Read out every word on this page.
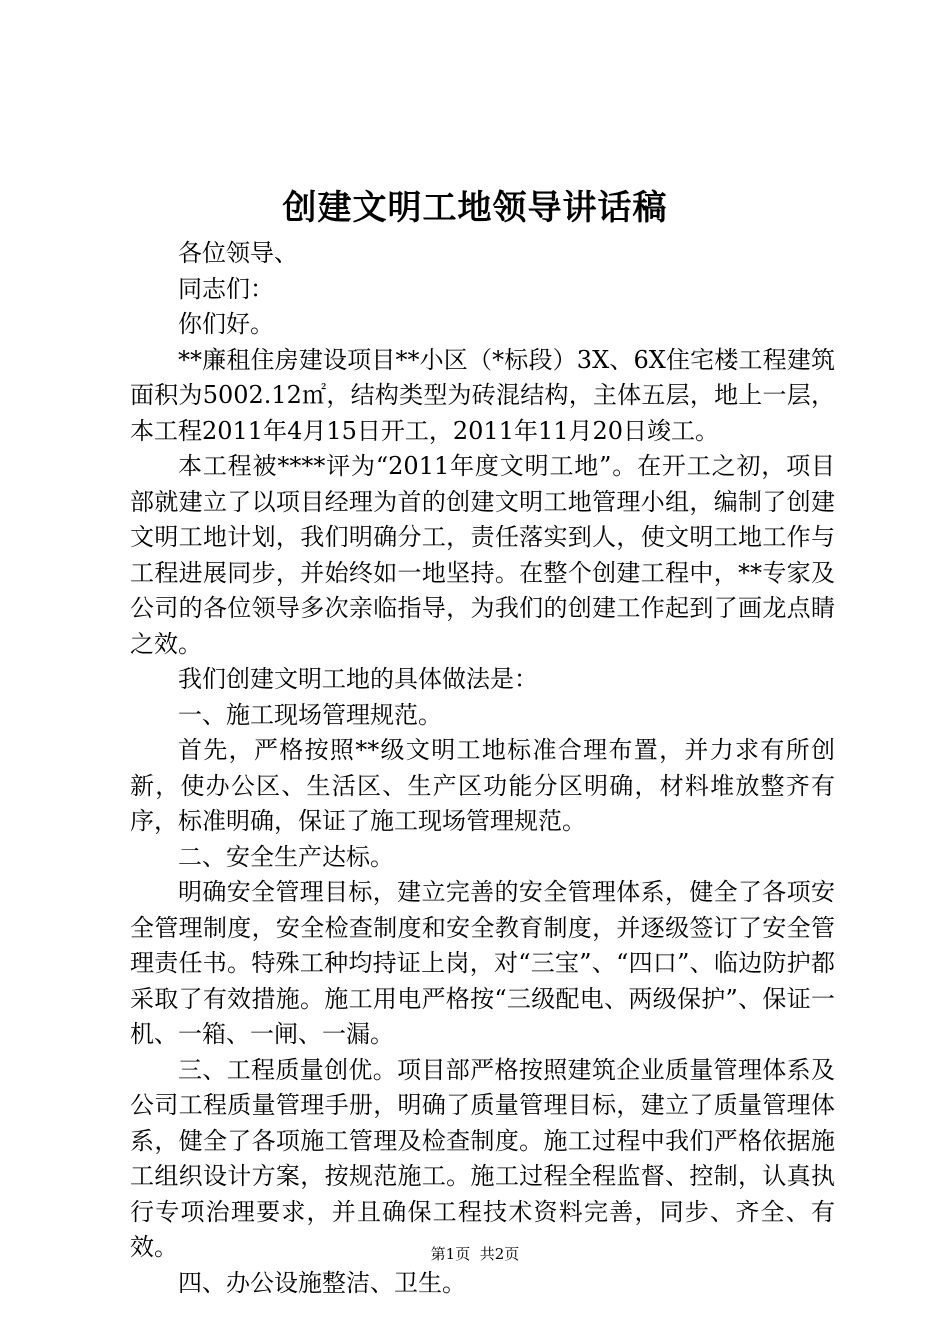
创建文明工地领导讲话稿

各位领导、

同志们：

你们好。

**廉租住房建设项目**小区（*标段）3X、6X住宅楼工程建筑面积为5002.12㎡，结构类型为砖混结构，主体五层，地上一层，本工程2011年4月15日开工，2011年11月20日竣工。

本工程被****评为“2011年度文明工地”。在开工之初，项目部就建立了以项目经理为首的创建文明工地管理小组，编制了创建文明工地计划，我们明确分工，责任落实到人，使文明工地工作与工程进展同步，并始终如一地坚持。在整个创建工程中，**专家及公司的各位领导多次亲临指导，为我们的创建工作起到了画龙点睛之效。

我们创建文明工地的具体做法是：

一、施工现场管理规范。

首先，严格按照**级文明工地标准合理布置，并力求有所创新，使办公区、生活区、生产区功能分区明确，材料堆放整齐有序，标准明确，保证了施工现场管理规范。

二、安全生产达标。

明确安全管理目标，建立完善的安全管理体系，健全了各项安全管理制度，安全检查制度和安全教育制度，并逐级签订了安全管理责任书。特殊工种均持证上岗，对“三宝”、“四口”、临边防护都采取了有效措施。施工用电严格按“三级配电、两级保护”、保证一机、一箱、一闸、一漏。

三、工程质量创优。项目部严格按照建筑企业质量管理体系及公司工程质量管理手册，明确了质量管理目标，建立了质量管理体系，健全了各项施工管理及检查制度。施工过程中我们严格依据施工组织设计方案，按规范施工。施工过程全程监督、控制，认真执行专项治理要求，并且确保工程技术资料完善，同步、齐全、有效。

四、办公设施整洁、卫生。

第1页 共2页
